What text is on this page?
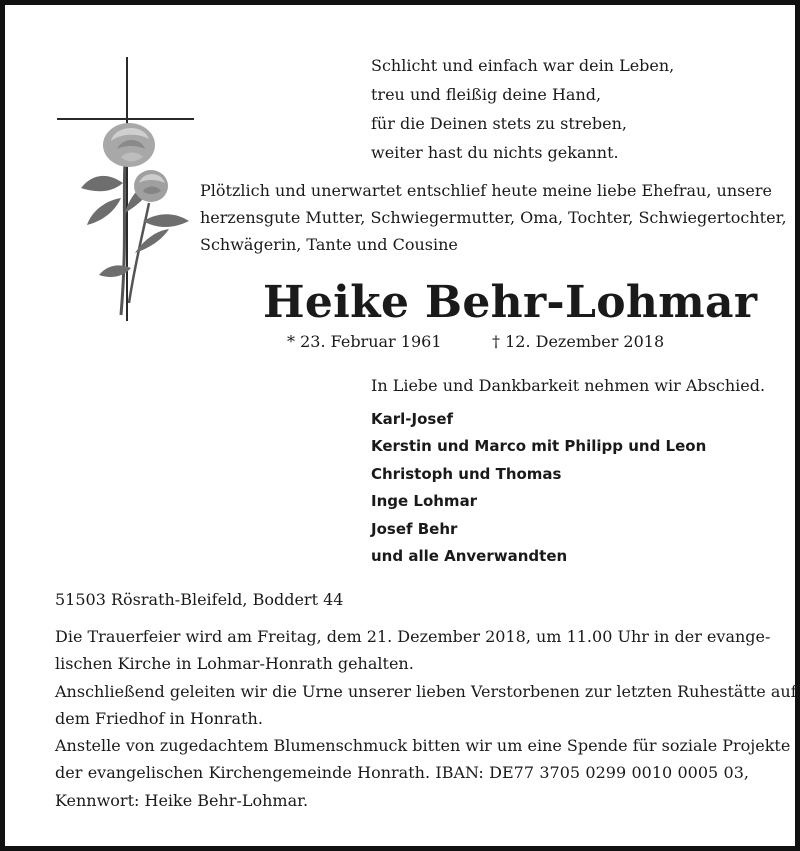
Schlicht und einfach war dein Leben,
treu und fleißig deine Hand,
für die Deinen stets zu streben,
weiter hast du nichts gekannt.
Plötzlich und unerwartet entschlief heute meine liebe Ehefrau, unsere
herzensgute Mutter, Schwiegermutter, Oma, Tochter, Schwiegertochter,
Schwägerin, Tante und Cousine
Heike Behr-Lohmar
* 23. Februar 1961	† 12. Dezember 2018
In Liebe und Dankbarkeit nehmen wir Abschied.
Karl-Josef
Kerstin und Marco mit Philipp und Leon
Christoph und Thomas
Inge Lohmar
Josef Behr
und alle Anverwandten
51503 Rösrath-Bleifeld, Boddert 44
Die Trauerfeier wird am Freitag, dem 21. Dezember 2018, um 11.00 Uhr in der evange-
lischen Kirche in Lohmar-Honrath gehalten.
Anschließend geleiten wir die Urne unserer lieben Verstorbenen zur letzten Ruhestätte auf
dem Friedhof in Honrath.
Anstelle von zugedachtem Blumenschmuck bitten wir um eine Spende für soziale Projekte
der evangelischen Kirchengemeinde Honrath. IBAN: DE77 3705 0299 0010 0005 03,
Kennwort: Heike Behr-Lohmar.
